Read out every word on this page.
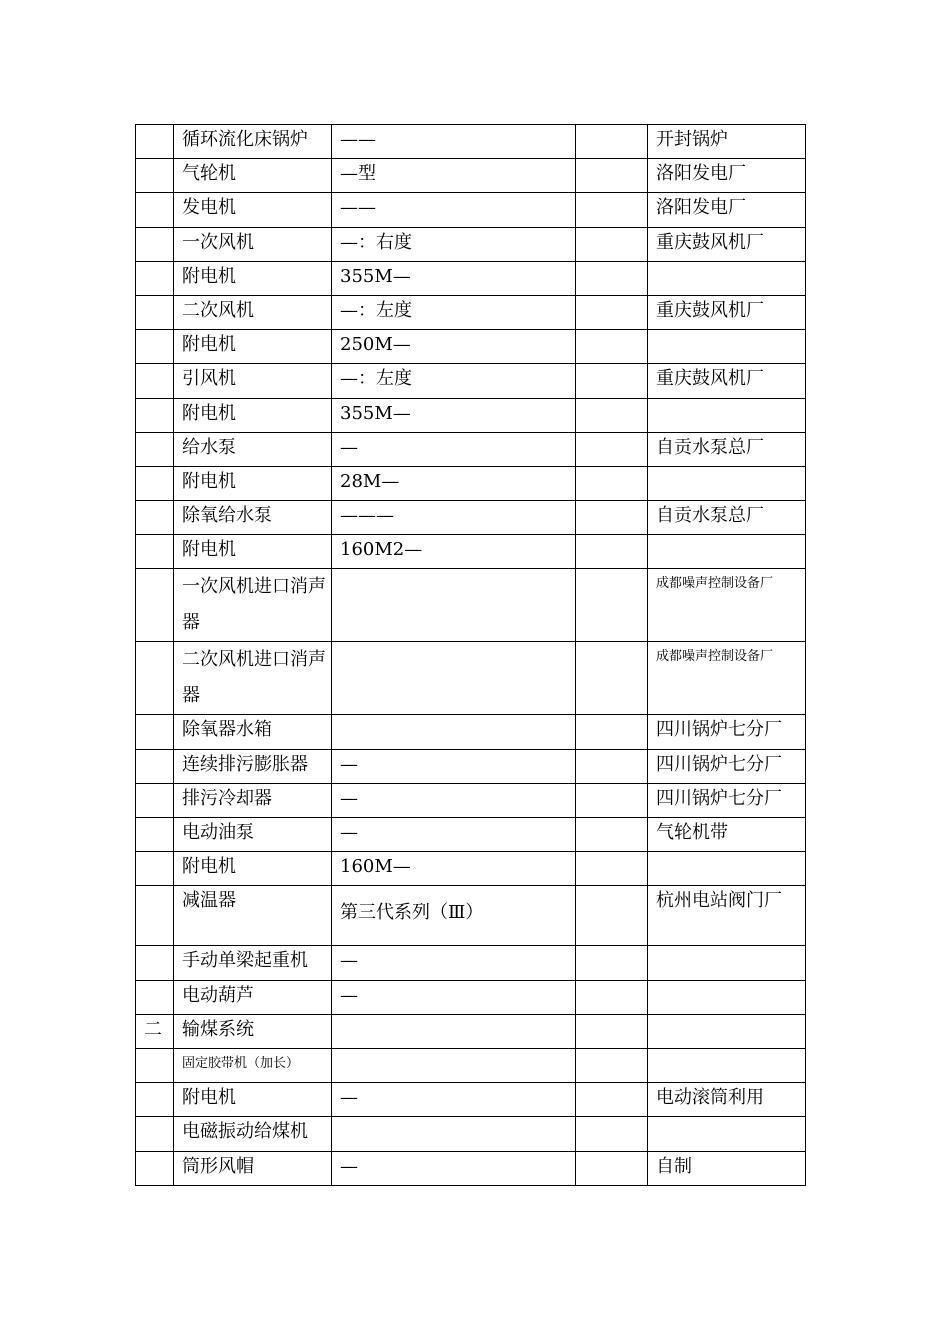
	循环流化床锅炉	——		开封锅炉
	气轮机	—型		洛阳发电厂
	发电机	——		洛阳发电厂
	一次风机	—：右度		重庆鼓风机厂
	附电机	355M—		
	二次风机	—：左度		重庆鼓风机厂
	附电机	250M—		
	引风机	—：左度		重庆鼓风机厂
	附电机	355M—		
	给水泵	—		自贡水泵总厂
	附电机	28M—		
	除氧给水泵	———		自贡水泵总厂
	附电机	160M2—		
	一次风机进口消声器			成都噪声控制设备厂
	二次风机进口消声器			成都噪声控制设备厂
	除氧器水箱			四川锅炉七分厂
	连续排污膨胀器	—		四川锅炉七分厂
	排污冷却器	—		四川锅炉七分厂
	电动油泵	—		气轮机带
	附电机	160M—		
	减温器	第三代系列（Ⅲ）		杭州电站阀门厂
	手动单梁起重机	—		
	电动葫芦	—		
二	输煤系统			
	固定胶带机（加长）			
	附电机	—		电动滚筒利用
	电磁振动给煤机			
	筒形风帽	—		自制
